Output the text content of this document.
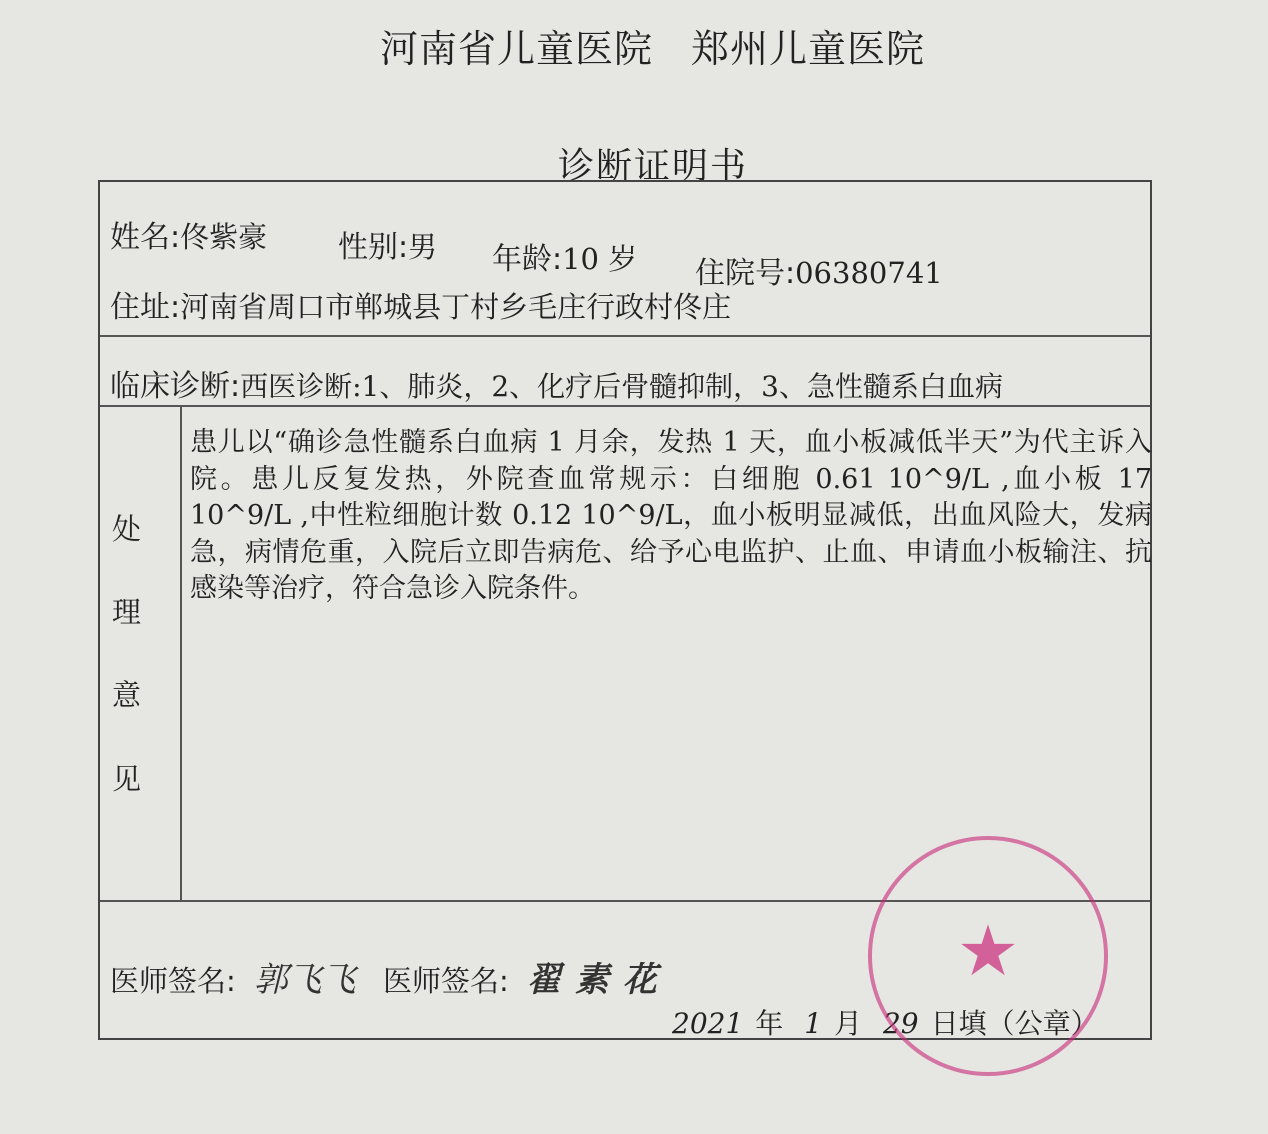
河南省儿童医院 郑州儿童医院
诊断证明书
姓名:佟紫豪 性别:男 年龄:10 岁 住院号:06380741
住址:河南省周口市郸城县丁村乡毛庄行政村佟庄
临床诊断:西医诊断:1、肺炎，2、化疗后骨髓抑制，3、急性髓系白血病
处
理
意
见
患儿以“确诊急性髓系白血病 1 月余，发热 1 天，血小板减低半天”为代主诉入院。患儿反复发热，外院查血常规示：白细胞 0.61 10^9/L ,血小板 17 10^9/L ,中性粒细胞计数 0.12 10^9/L，血小板明显减低，出血风险大，发病急，病情危重，入院后立即告病危、给予心电监护、止血、申请血小板输注、抗感染等治疗，符合急诊入院条件。
医师签名: 郭飞飞 医师签名: 翟素花
2021 年 1 月 29 日填（公章）
★
